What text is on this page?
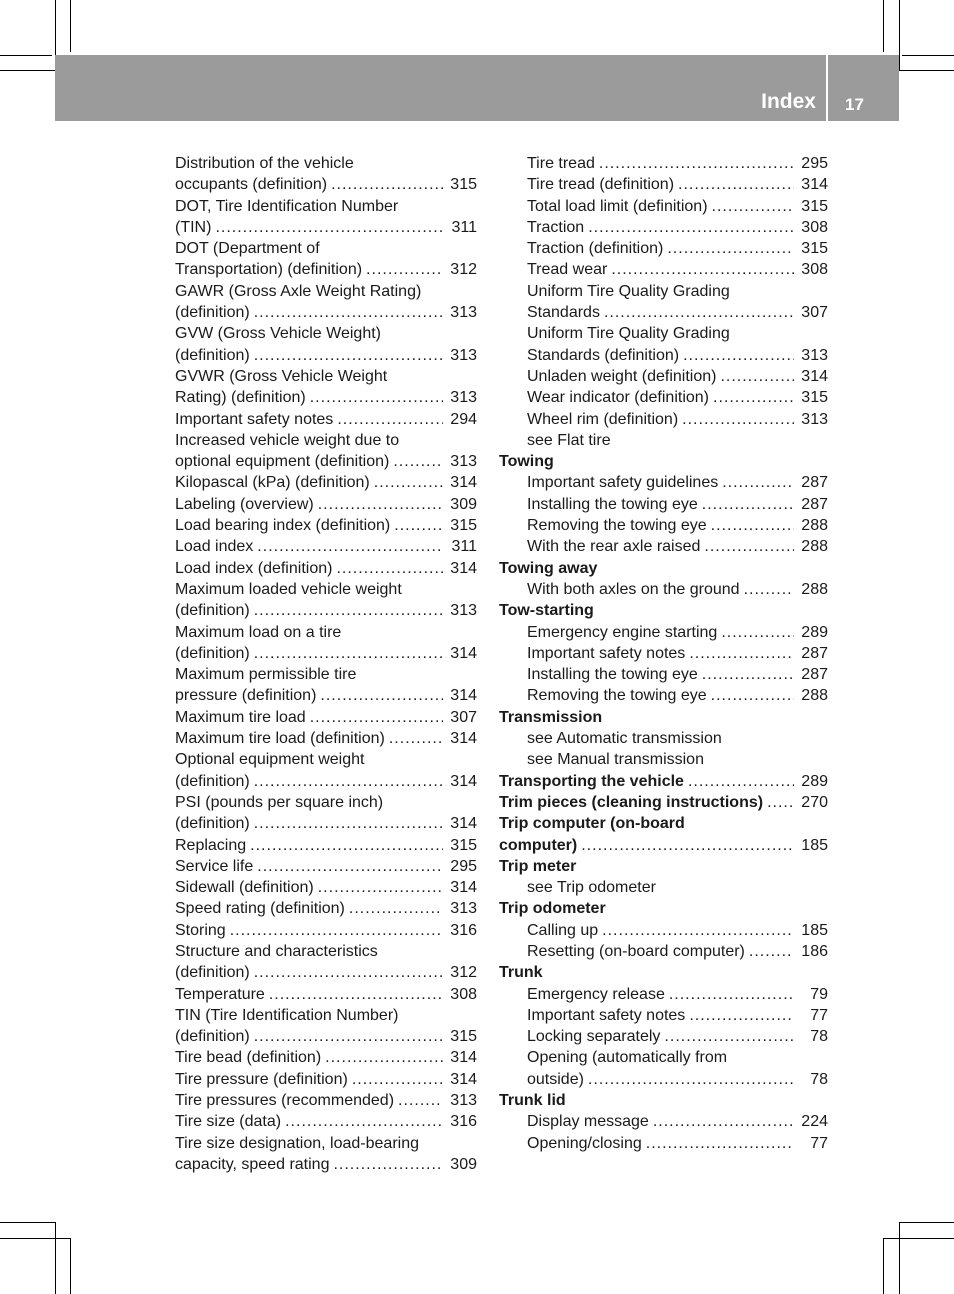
Index 17
Distribution of the vehicle
occupants (definition) .....	315
DOT, Tire Identification Number
(TIN) .....	311
DOT (Department of
Transportation) (definition) .....	312
GAWR (Gross Axle Weight Rating)
(definition) .....	313
GVW (Gross Vehicle Weight)
(definition) .....	313
GVWR (Gross Vehicle Weight
Rating) (definition) .....	313
Important safety notes .....	294
Increased vehicle weight due to
optional equipment (definition) .....	313
Kilopascal (kPa) (definition) .....	314
Labeling (overview) .....	309
Load bearing index (definition) .....	315
Load index .....	311
Load index (definition) .....	314
Maximum loaded vehicle weight
(definition) .....	313
Maximum load on a tire
(definition) .....	314
Maximum permissible tire
pressure (definition) .....	314
Maximum tire load .....	307
Maximum tire load (definition) .....	314
Optional equipment weight
(definition) .....	314
PSI (pounds per square inch)
(definition) .....	314
Replacing .....	315
Service life .....	295
Sidewall (definition) .....	314
Speed rating (definition) .....	313
Storing .....	316
Structure and characteristics
(definition) .....	312
Temperature .....	308
TIN (Tire Identification Number)
(definition) .....	315
Tire bead (definition) .....	314
Tire pressure (definition) .....	314
Tire pressures (recommended) .....	313
Tire size (data) .....	316
Tire size designation, load-bearing
capacity, speed rating .....	309
Tire tread .....	295
Tire tread (definition) .....	314
Total load limit (definition) .....	315
Traction .....	308
Traction (definition) .....	315
Tread wear .....	308
Uniform Tire Quality Grading
Standards .....	307
Uniform Tire Quality Grading
Standards (definition) .....	313
Unladen weight (definition) .....	314
Wear indicator (definition) .....	315
Wheel rim (definition) .....	313
see Flat tire
Towing
Important safety guidelines .....	287
Installing the towing eye .....	287
Removing the towing eye .....	288
With the rear axle raised .....	288
Towing away
With both axles on the ground .....	288
Tow-starting
Emergency engine starting .....	289
Important safety notes .....	287
Installing the towing eye .....	287
Removing the towing eye .....	288
Transmission
see Automatic transmission
see Manual transmission
Transporting the vehicle .....	289
Trim pieces (cleaning instructions) ..... 270
Trip computer (on-board
computer) .....	185
Trip meter
see Trip odometer
Trip odometer
Calling up .....	185
Resetting (on-board computer) .....	186
Trunk
Emergency release .....	79
Important safety notes .....	77
Locking separately .....	78
Opening (automatically from
outside) .....	78
Trunk lid
Display message .....	224
Opening/closing .....	77
